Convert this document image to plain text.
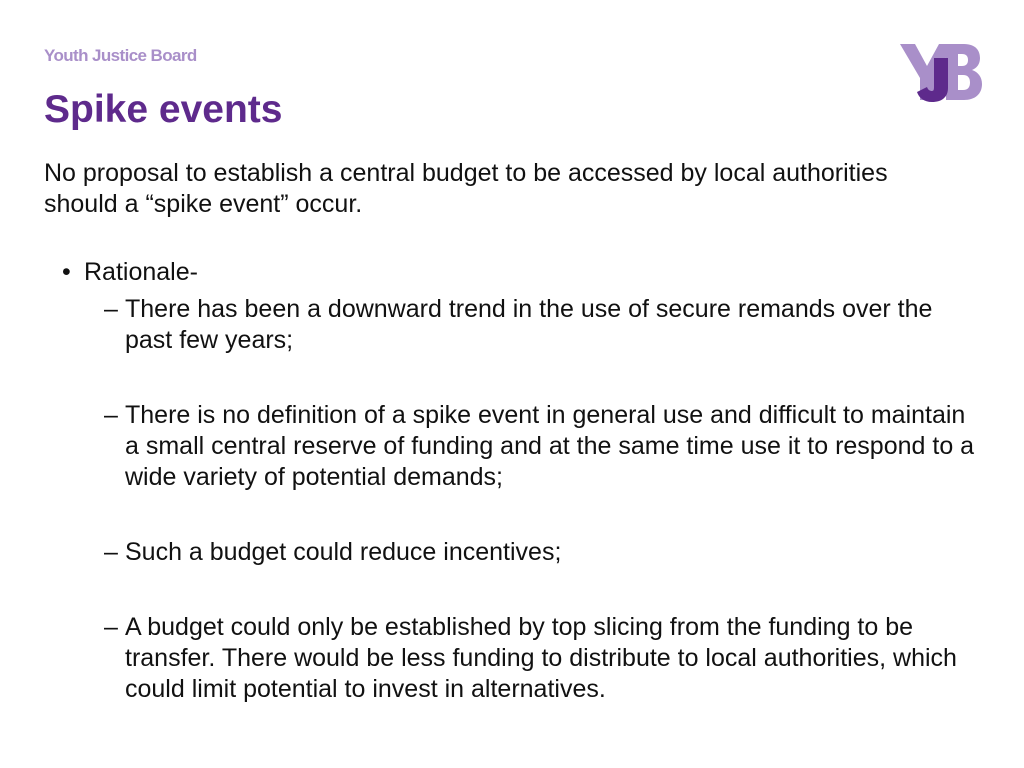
Youth Justice Board
Spike events

No proposal to establish a central budget to be accessed by local authorities should a “spike event” occur.

• Rationale-
– There has been a downward trend in the use of secure remands over the past few years;
– There is no definition of a spike event in general use and difficult to maintain a small central reserve of funding and at the same time use it to respond to a wide variety of potential demands;
– Such a budget could reduce incentives;
– A budget could only be established by top slicing from the funding to be transfer. There would be less funding to distribute to local authorities, which could limit potential to invest in alternatives.
